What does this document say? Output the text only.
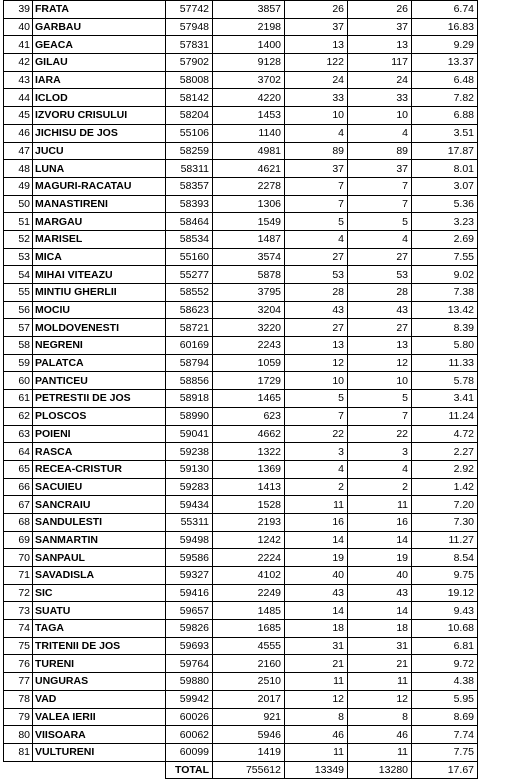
39	FRATA	57742	3857	26	26	6.74
40	GARBAU	57948	2198	37	37	16.83
41	GEACA	57831	1400	13	13	9.29
42	GILAU	57902	9128	122	117	13.37
43	IARA	58008	3702	24	24	6.48
44	ICLOD	58142	4220	33	33	7.82
45	IZVORU CRISULUI	58204	1453	10	10	6.88
46	JICHISU DE JOS	55106	1140	4	4	3.51
47	JUCU	58259	4981	89	89	17.87
48	LUNA	58311	4621	37	37	8.01
49	MAGURI-RACATAU	58357	2278	7	7	3.07
50	MANASTIRENI	58393	1306	7	7	5.36
51	MARGAU	58464	1549	5	5	3.23
52	MARISEL	58534	1487	4	4	2.69
53	MICA	55160	3574	27	27	7.55
54	MIHAI VITEAZU	55277	5878	53	53	9.02
55	MINTIU GHERLII	58552	3795	28	28	7.38
56	MOCIU	58623	3204	43	43	13.42
57	MOLDOVENESTI	58721	3220	27	27	8.39
58	NEGRENI	60169	2243	13	13	5.80
59	PALATCA	58794	1059	12	12	11.33
60	PANTICEU	58856	1729	10	10	5.78
61	PETRESTII DE JOS	58918	1465	5	5	3.41
62	PLOSCOS	58990	623	7	7	11.24
63	POIENI	59041	4662	22	22	4.72
64	RASCA	59238	1322	3	3	2.27
65	RECEA-CRISTUR	59130	1369	4	4	2.92
66	SACUIEU	59283	1413	2	2	1.42
67	SANCRAIU	59434	1528	11	11	7.20
68	SANDULESTI	55311	2193	16	16	7.30
69	SANMARTIN	59498	1242	14	14	11.27
70	SANPAUL	59586	2224	19	19	8.54
71	SAVADISLA	59327	4102	40	40	9.75
72	SIC	59416	2249	43	43	19.12
73	SUATU	59657	1485	14	14	9.43
74	TAGA	59826	1685	18	18	10.68
75	TRITENII DE JOS	59693	4555	31	31	6.81
76	TURENI	59764	2160	21	21	9.72
77	UNGURAS	59880	2510	11	11	4.38
78	VAD	59942	2017	12	12	5.95
79	VALEA IERII	60026	921	8	8	8.69
80	VIISOARA	60062	5946	46	46	7.74
81	VULTURENI	60099	1419	11	11	7.75
		TOTAL	755612	13349	13280	17.67
